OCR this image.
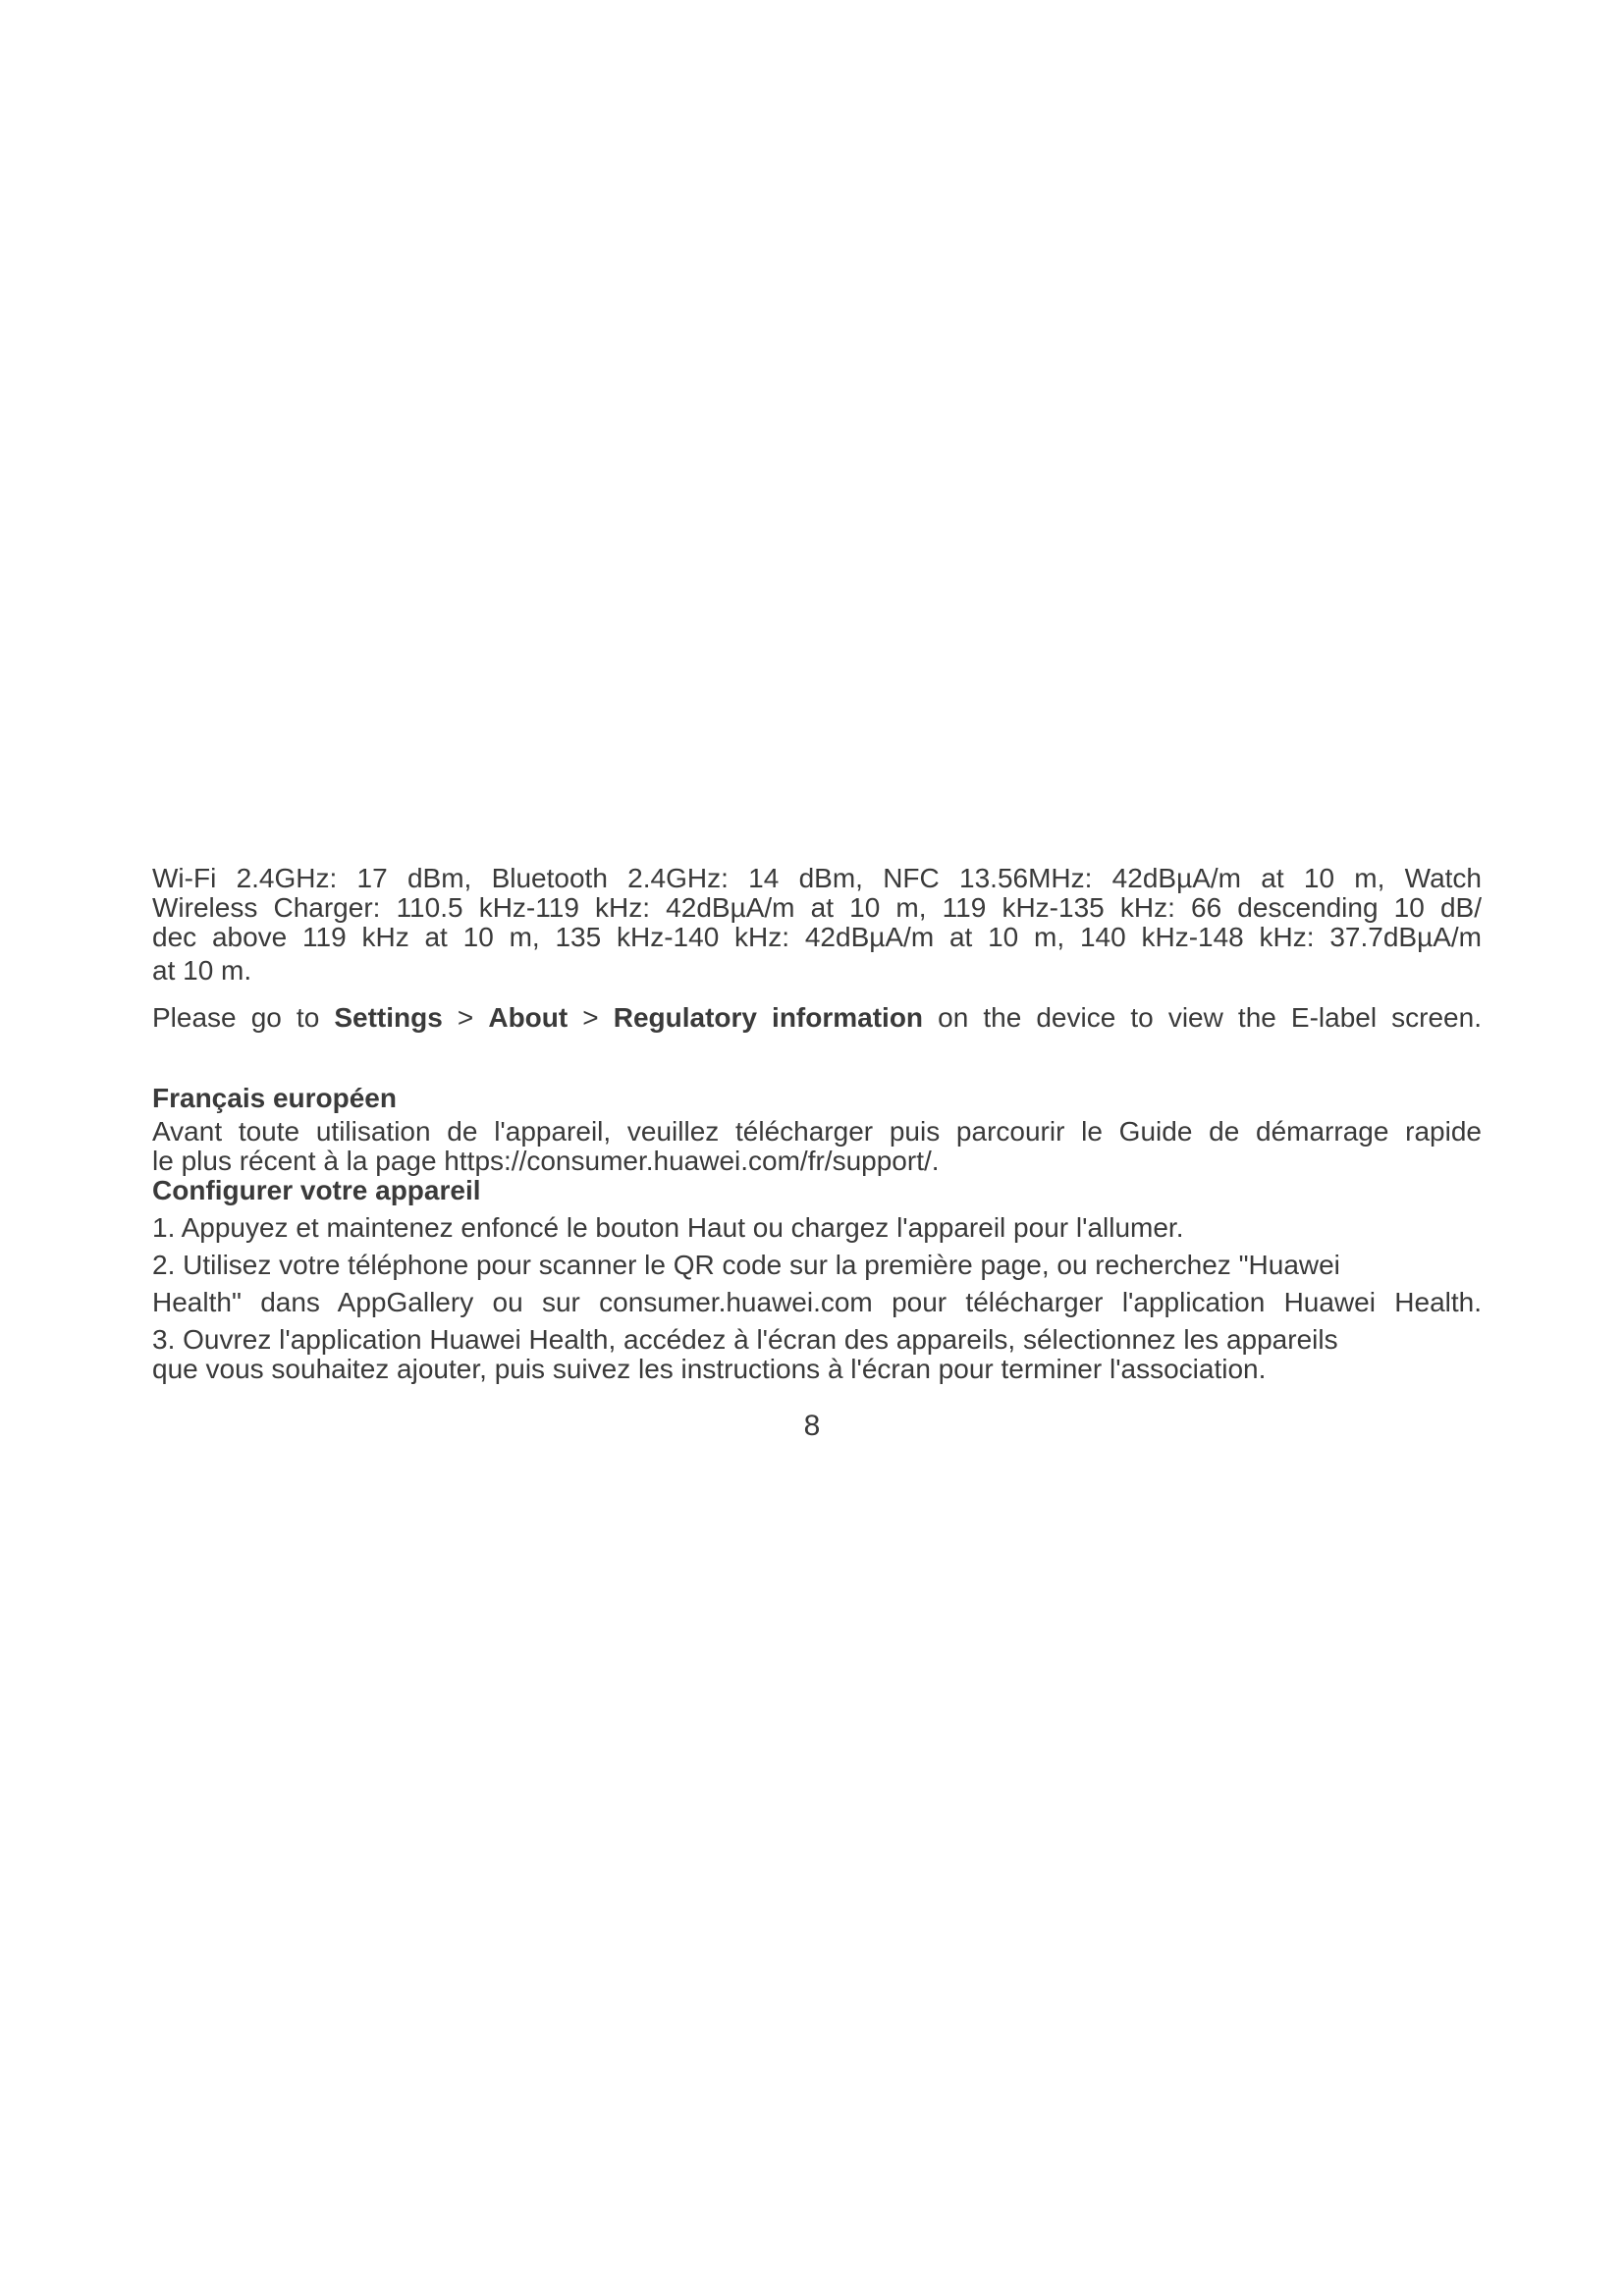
Wi-Fi 2.4GHz: 17 dBm, Bluetooth 2.4GHz: 14 dBm, NFC 13.56MHz: 42dBµA/m at 10 m, Watch
Wireless Charger: 110.5 kHz-119 kHz: 42dBµA/m at 10 m, 119 kHz-135 kHz: 66 descending 10 dB/
dec above 119 kHz at 10 m, 135 kHz-140 kHz: 42dBµA/m at 10 m, 140 kHz-148 kHz: 37.7dBµA/m
at 10 m.
Please go to Settings > About > Regulatory information on the device to view the E-label screen.
Français européen
Avant toute utilisation de l'appareil, veuillez télécharger puis parcourir le Guide de démarrage rapide
le plus récent à la page https://consumer.huawei.com/fr/support/.
Configurer votre appareil
1. Appuyez et maintenez enfoncé le bouton Haut ou chargez l'appareil pour l'allumer.
2. Utilisez votre téléphone pour scanner le QR code sur la première page, ou recherchez "Huawei
Health" dans AppGallery ou sur consumer.huawei.com pour télécharger l'application Huawei Health.
3. Ouvrez l'application Huawei Health, accédez à l'écran des appareils, sélectionnez les appareils
que vous souhaitez ajouter, puis suivez les instructions à l'écran pour terminer l'association.
8
